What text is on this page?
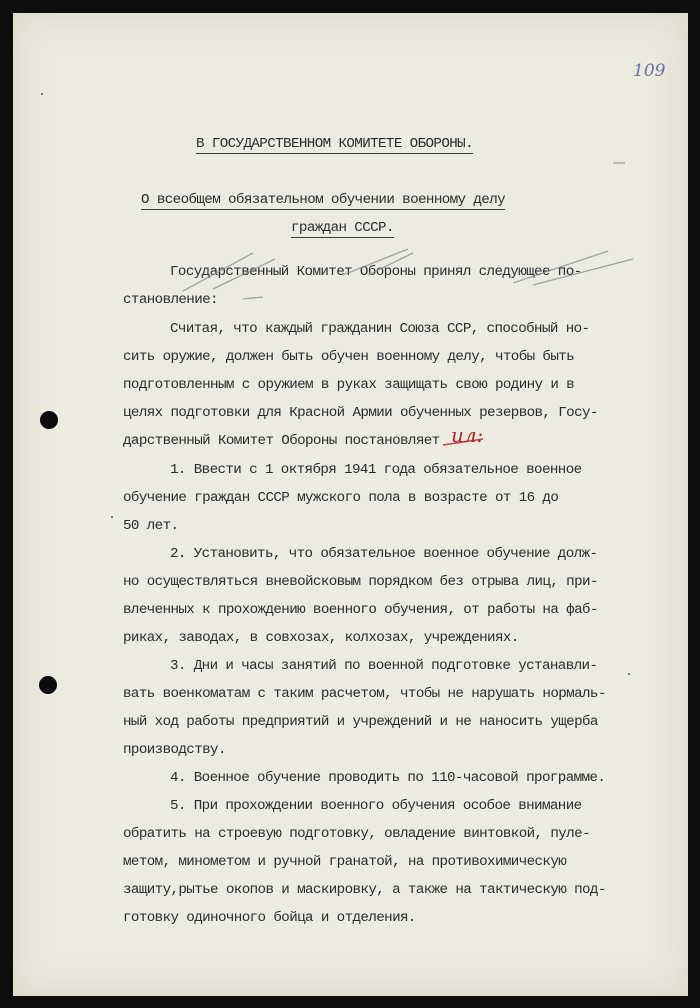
109
В ГОСУДАРСТВЕННОМ КОМИТЕТЕ ОБОРОНЫ.
О всеобщем обязательном обучении военному делу
граждан СССР.
Государственный Комитет Обороны принял следующее по-
становление:
Считая, что каждый гражданин Союза ССР, способный но-
сить оружие, должен быть обучен военному делу, чтобы быть
подготовленным с оружием в руках защищать свою родину и в
целях подготовки для Красной Армии обученных резервов, Госу-
дарственный Комитет Обороны постановляет
1. Ввести с 1 октября 1941 года обязательное военное
обучение граждан СССР мужского пола в возрасте от 16 до
50 лет.
2. Установить, что обязательное военное обучение долж-
но осуществляться вневойсковым порядком без отрыва лиц, при-
влеченных к прохождению военного обучения, от работы на фаб-
риках, заводах, в совхозах, колхозах, учреждениях.
3. Дни и часы занятий по военной подготовке устанавли-
вать военкоматам с таким расчетом, чтобы не нарушать нормаль-
ный ход работы предприятий и учреждений и не наносить ущерба
производству.
4. Военное обучение проводить по 110-часовой программе.
5. При прохождении военного обучения особое внимание
обратить на строевую подготовку, овладение винтовкой, пуле-
метом, минометом и ручной гранатой, на противохимическую
защиту,рытье окопов и маскировку, а также на тактическую под-
готовку одиночного бойца и отделения.
ил:
